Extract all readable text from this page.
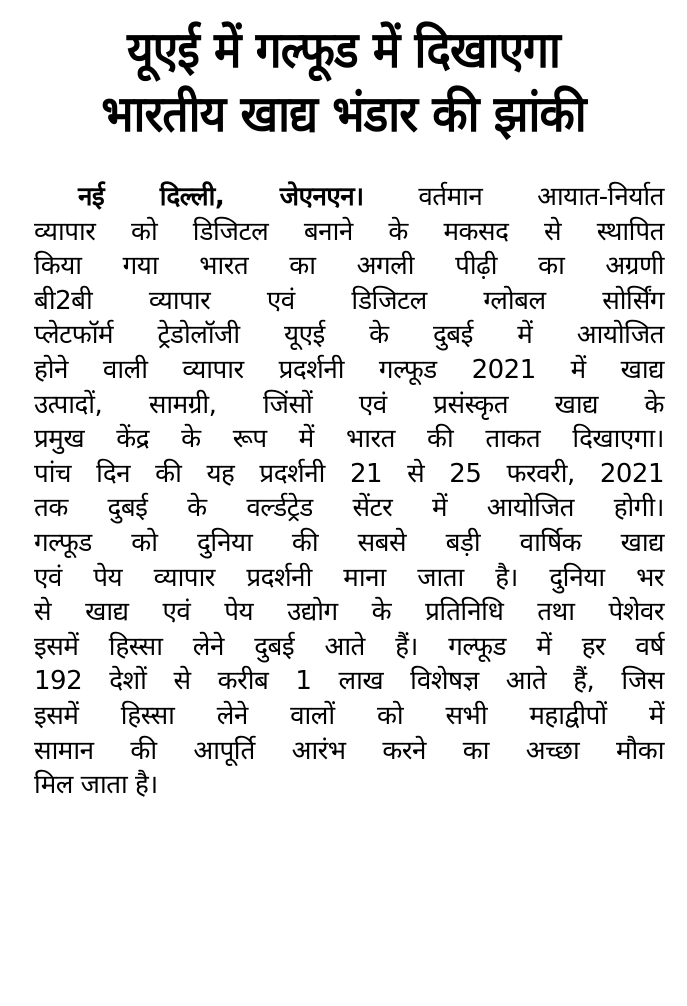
यूएई में गल्फूड में दिखाएगा
भारतीय खाद्य भंडार की झांकी
नई दिल्ली, जेएनएन। वर्तमान आयात-निर्यात
व्यापार को डिजिटल बनाने के मकसद से स्थापित
किया गया भारत का अगली पीढ़ी का अग्रणी
बी2बी व्यापार एवं डिजिटल ग्लोबल सोर्सिंग
प्लेटफॉर्म ट्रेडोलॉजी यूएई के दुबई में आयोजित
होने वाली व्यापार प्रदर्शनी गल्फूड 2021 में खाद्य
उत्पादों, सामग्री, जिंसों एवं प्रसंस्कृत खाद्य के
प्रमुख केंद्र के रूप में भारत की ताकत दिखाएगा।
पांच दिन की यह प्रदर्शनी 21 से 25 फरवरी, 2021
तक दुबई के वर्ल्डट्रेड सेंटर में आयोजित होगी।
गल्फूड को दुनिया की सबसे बड़ी वार्षिक खाद्य
एवं पेय व्यापार प्रदर्शनी माना जाता है। दुनिया भर
से खाद्य एवं पेय उद्योग के प्रतिनिधि तथा पेशेवर
इसमें हिस्सा लेने दुबई आते हैं। गल्फूड में हर वर्ष
192 देशों से करीब 1 लाख विशेषज्ञ आते हैं, जिस
इसमें हिस्सा लेने वालों को सभी महाद्वीपों में
सामान की आपूर्ति आरंभ करने का अच्छा मौका
मिल जाता है।
